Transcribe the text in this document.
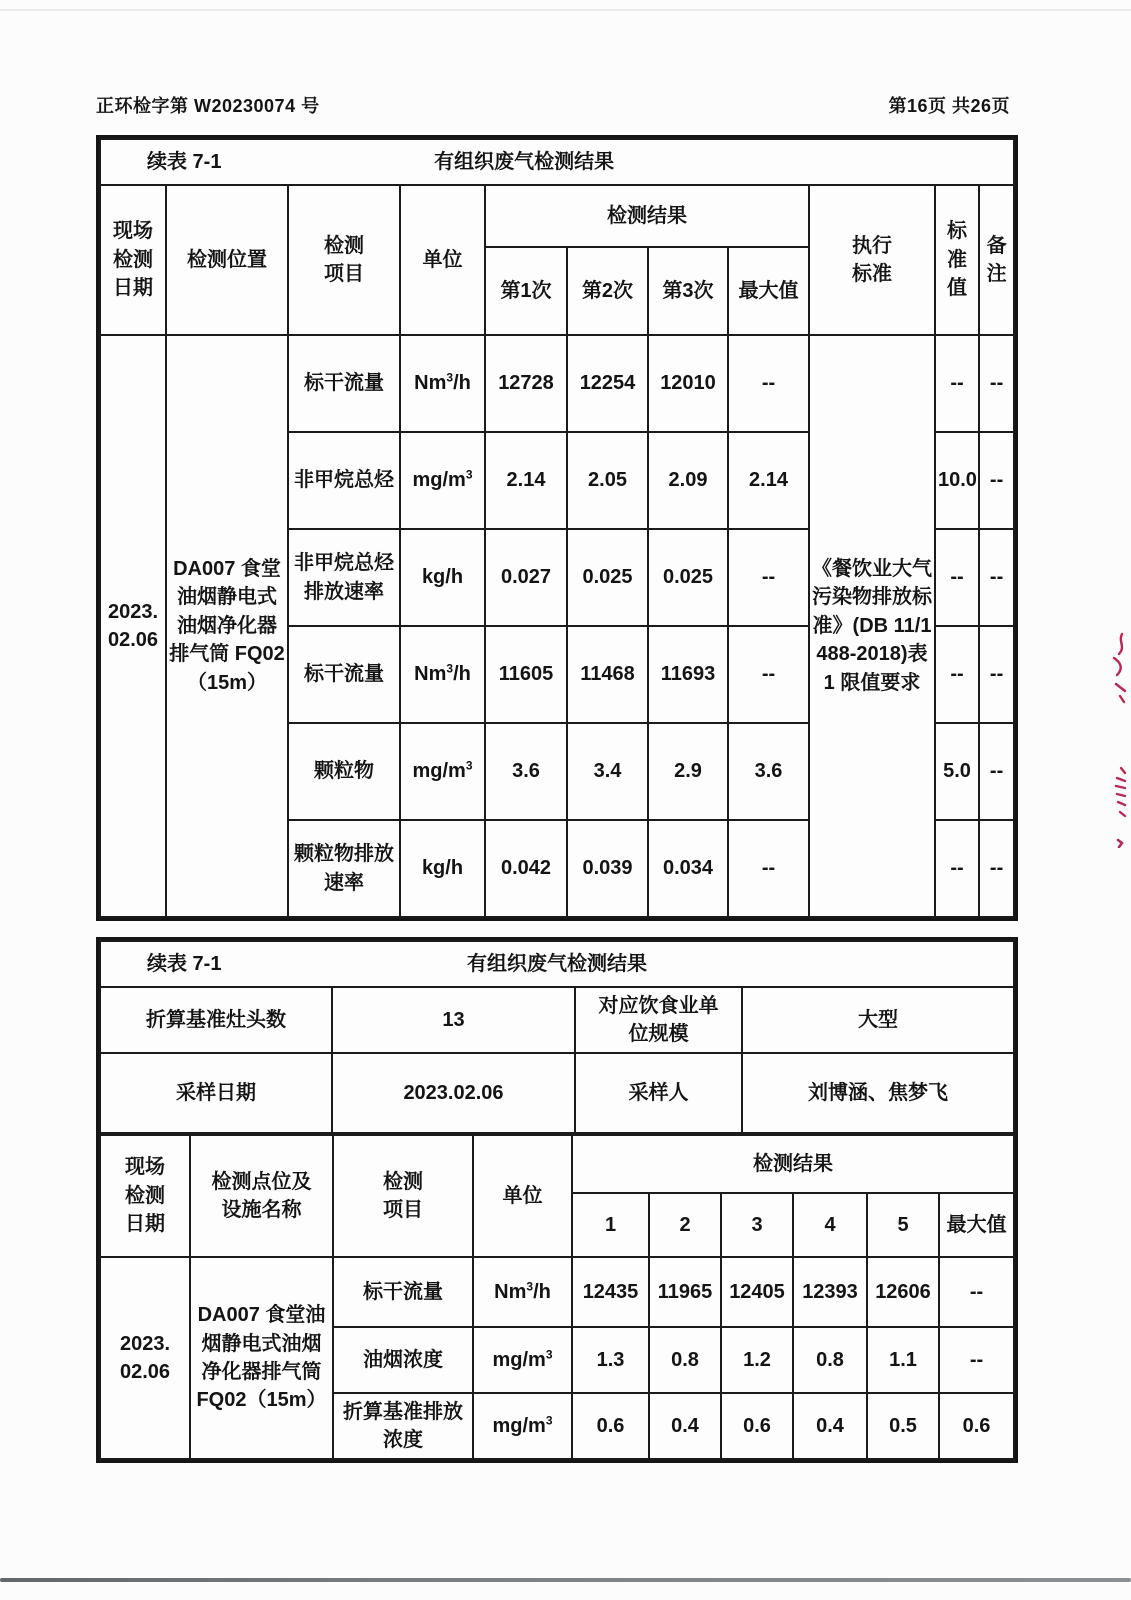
正环检字第 W20230074 号	第16页 共26页
续表 7-1 有组织废气检测结果										

现场检测日期	检测位置	检测项目	单位	检测结果				执行标准	标准值	备注
				第1次	第2次	第3次	最大值			
2023.02.06	DA007 食堂油烟静电式油烟净化器排气筒 FQ02（15m）	标干流量	Nm$^3$/h	12728	12254	12010	--	《餐饮业大气污染物排放标准》(DB 11/1488-2018)表 1 限值要求	--	--
		非甲烷总烃	$mg/m^3$	2.14	2.05	2.09	2.14		10.0	--
		非甲烷总烃排放速率	kg/h	0.027	0.025	0.025	--		--	--
		标干流量	Nm$^3$/h	11605	11468	11693	--		--	--
		颗粒物	$mg/m^3$	3.6	3.4	2.9	3.6		5.0	--
		颗粒物排放速率	kg/h	0.042	0.039	0.034	--		--	--
续表 7-1 有组织废气检测结果			

折算基准灶头数	13	对应饮食业单位规模	大型
采样日期	2023.02.06	采样人	刘博涵、焦梦飞
现场检测日期	检测点位及设施名称	检测项目	单位	检测结果					
				1	2	3	4	5	最大值
2023.02.06	DA007 食堂油烟静电式油烟净化器排气筒 FQ02（15m）	标干流量	Nm$^3$/h	12435	11965	12405	12393	12606	--
		油烟浓度	$mg/m^3$	1.3	0.8	1.2	0.8	1.1	--
		折算基准排放浓度	$mg/m^3$	0.6	0.4	0.6	0.4	0.5	0.6
